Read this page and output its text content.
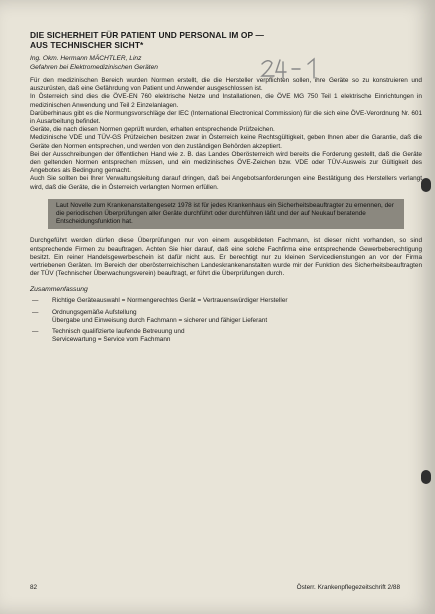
DIE SICHERHEIT FÜR PATIENT UND PERSONAL IM OP —
AUS TECHNISCHER SICHT*

Ing. Okm. Hermann MÄCHTLER, Linz
Gefahren bei Elektromedizinischen Geräten

Für den medizinischen Bereich wurden Normen erstellt, die die Hersteller verpflichten sollen, ihre Geräte so zu konstruieren und auszurüsten, daß eine Gefährdung von Patient und Anwender ausgeschlossen ist.

In Österreich sind dies die ÖVE-EN 760 elektrische Netze und Installationen, die ÖVE MG 750 Teil 1 elektrische Einrichtungen in medizinischen Anwendung und Teil 2 Einzelanlagen.

Darüberhinaus gibt es die Normungsvorschläge der IEC (International Electronical Commission) für die sich eine ÖVE-Verordnung Nr. 601 in Ausarbeitung befindet.

Geräte, die nach diesen Normen geprüft wurden, erhalten entsprechende Prüfzeichen.

Medizinische VDE und TÜV-GS Prüfzeichen besitzen zwar in Österreich keine Rechtsgültigkeit, geben Ihnen aber die Garantie, daß die Geräte den Normen entsprechen, und werden von den zuständigen Behörden akzeptiert.

Bei der Ausschreibungen der öffentlichen Hand wie z. B. das Landes Oberösterreich wird bereits die Forderung gestellt, daß die Geräte den geltenden Normen entsprechen müssen, und ein medizinisches ÖVE-Zeichen bzw. VDE oder TÜV-Ausweis zur Gültigkeit des Angebotes als Bedingung gemacht.

Auch Sie sollten bei Ihrer Verwaltungsleitung darauf dringen, daß bei Angebotsanforderungen eine Bestätigung des Herstellers verlangt wird, daß die Geräte, die in Österreich verlangten Normen erfüllen.

Laut Novelle zum Krankenanstaltengesetz 1978 ist für jedes Krankenhaus ein Sicherheitsbeauftragter zu ernennen, der die periodischen Überprüfungen aller Geräte durchführt oder durchführen läßt und der auf Neukauf beratende Entscheidungsfunktion hat.

Durchgeführt werden dürfen diese Überprüfungen nur von einem ausgebildeten Fachmann, ist dieser nicht vorhanden, so sind entsprechende Firmen zu beauftragen. Achten Sie hier darauf, daß eine solche Fachfirma eine entsprechende Gewerbeberechtigung besitzt. Ein reiner Handelsgewerbeschein ist dafür nicht aus. Er berechtigt nur zu kleinen Servicedienstungen an vor der Firma vertriebenen Geräten. Im Bereich der oberösterreichischen Landeskrankenanstalten wurde mir der Funktion des Sicherheitsbeauftragten der TÜV (Technischer Überwachungsverein) beauftragt, er führt die Überprüfungen durch.

Zusammenfassung
— Richtige Geräteauswahl = Normengerechtes Gerät = Vertrauenswürdiger Hersteller
— Ordnungsgemäße Aufstellung
Übergabe und Einweisung durch Fachmann = sicherer und fähiger Lieferant
— Technisch qualifizierte laufende Betreuung und
Servicewartung = Service vom Fachmann
82	Österr. Krankenpflegezeitschrift 2/88
